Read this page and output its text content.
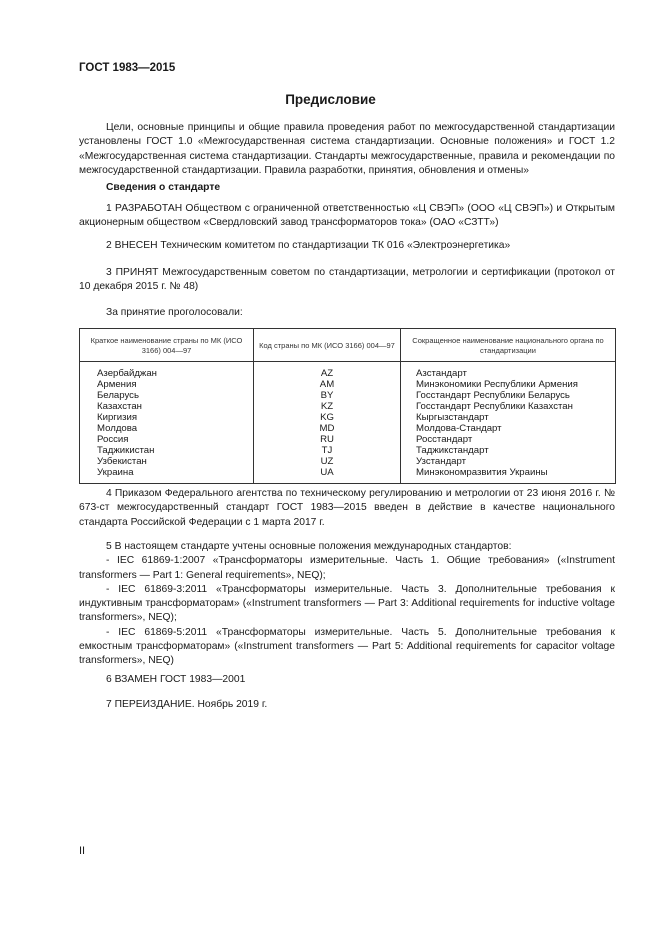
ГОСТ 1983—2015
Предисловие

Цели, основные принципы и общие правила проведения работ по межгосударственной стандартизации установлены ГОСТ 1.0 «Межгосударственная система стандартизации. Основные положения» и ГОСТ 1.2 «Межгосударственная система стандартизации. Стандарты межгосударственные, правила и рекомендации по межгосударственной стандартизации. Правила разработки, принятия, обновления и отмены»

Сведения о стандарте

1 РАЗРАБОТАН Обществом с ограниченной ответственностью «Ц СВЭП» (ООО «Ц СВЭП») и Открытым акционерным обществом «Свердловский завод трансформаторов тока» (ОАО «СЗТТ»)

2 ВНЕСЕН Техническим комитетом по стандартизации ТК 016 «Электроэнергетика»

3 ПРИНЯТ Межгосударственным советом по стандартизации, метрологии и сертификации (протокол от 10 декабря 2015 г. № 48)

За принятие проголосовали:

Краткое наименование страны по МК (ИСО 3166) 004—97	Код страны по МК (ИСО 3166) 004—97	Сокращенное наименование национального органа по стандартизации
Азербайджан	AZ	Азстандарт
Армения	AM	Минэкономики Республики Армения
Беларусь	BY	Госстандарт Республики Беларусь
Казахстан	KZ	Госстандарт Республики Казахстан
Киргизия	KG	Кыргызстандарт
Молдова	MD	Молдова-Стандарт
Россия	RU	Росстандарт
Таджикистан	TJ	Таджикстандарт
Узбекистан	UZ	Узстандарт
Украина	UA	Минэкономразвития Украины

4 Приказом Федерального агентства по техническому регулированию и метрологии от 23 июня 2016 г. № 673-ст межгосударственный стандарт ГОСТ 1983—2015 введен в действие в качестве национального стандарта Российской Федерации с 1 марта 2017 г.

5 В настоящем стандарте учтены основные положения международных стандартов:

- IEC 61869-1:2007 «Трансформаторы измерительные. Часть 1. Общие требования» («Instrument transformers — Part 1: General requirements», NEQ);

- IEC 61869-3:2011 «Трансформаторы измерительные. Часть 3. Дополнительные требования к индуктивным трансформаторам» («Instrument transformers — Part 3: Additional requirements for inductive voltage transformers», NEQ);

- IEC 61869-5:2011 «Трансформаторы измерительные. Часть 5. Дополнительные требования к емкостным трансформаторам» («Instrument transformers — Part 5: Additional requirements for capacitor voltage transformers», NEQ)

6 ВЗАМЕН ГОСТ 1983—2001

7 ПЕРЕИЗДАНИЕ. Ноябрь 2019 г.

II
